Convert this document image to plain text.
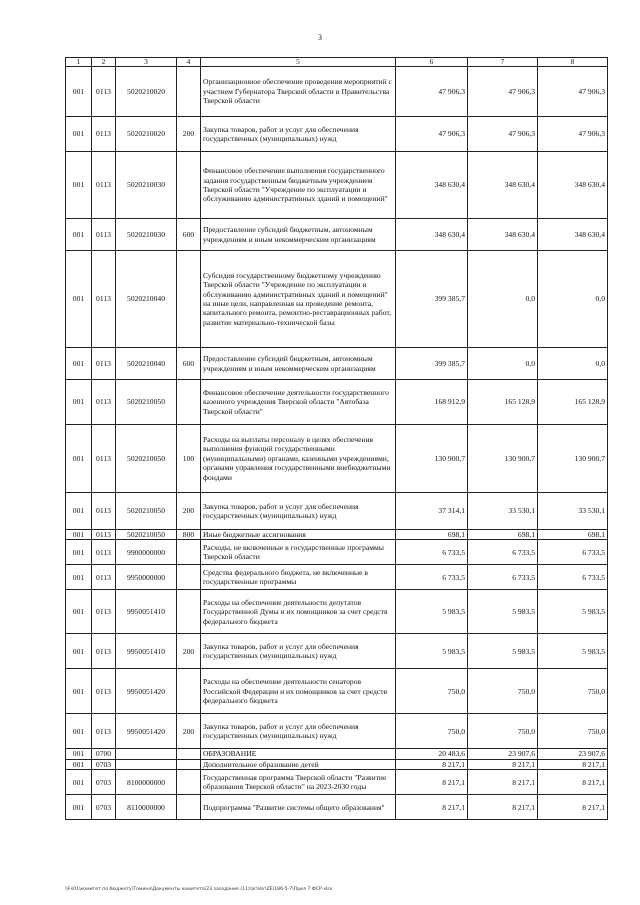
3
1	2	3	4	5	6	7	8
001	0113	5020210020		Организационное обеспечение проведения мероприятий с участием Губернатора Тверской области и Правительства Тверской области	47 906,3	47 906,3	47 906,3
001	0113	5020210020	200	Закупка товаров, работ и услуг для обеспечения государственных (муниципальных) нужд	47 906,3	47 906,3	47 906,3
001	0113	5020210030		Финансовое обеспечение выполнения государственного задания государственным бюджетным учреждением Тверской области "Учреждение по эксплуатации и обслуживанию административных зданий и помещений"	348 630,4	348 630,4	348 630,4
001	0113	5020210030	600	Предоставление субсидий бюджетным, автономным учреждениям и иным некоммерческим организациям	348 630,4	348 630,4	348 630,4
001	0113	5020210040		Субсидия государственному бюджетному учреждению Тверской области "Учреждение по эксплуатации и обслуживанию административных зданий и помещений" на иные цели, направленная на проведение ремонта, капитального ремонта, ремонтно-реставрационных работ, развитие материально-технической базы	399 385,7	0,0	0,0
001	0113	5020210040	600	Предоставление субсидий бюджетным, автономным учреждениям и иным некоммерческим организациям	399 385,7	0,0	0,0
001	0113	5020210050		Финансовое обеспечение деятельности государственного казенного учреждения Тверской области "Автобаза Тверской области"	168 912,9	165 128,9	165 128,9
001	0113	5020210050	100	Расходы на выплаты персоналу в целях обеспечения выполнения функций государственными (муниципальными) органами, казенными учреждениями, органами управления государственными внебюджетными фондами	130 900,7	130 900,7	130 900,7
001	0113	5020210050	200	Закупка товаров, работ и услуг для обеспечения государственных (муниципальных) нужд	37 314,1	33 530,1	33 530,1
001	0113	5020210050	800	Иные бюджетные ассигнования	698,1	698,1	698,1
001	0113	9900000000		Расходы, не включенные в государственные программы Тверской области	6 733,5	6 733,5	6 733,5
001	0113	9950000000		Средства федерального бюджета, не включенные в государственные программы	6 733,5	6 733,5	6 733,5
001	0113	9950051410		Расходы на обеспечение деятельности депутатов Государственной Думы и их помощников за счет средств федерального бюджета	5 983,5	5 983,5	5 983,5
001	0113	9950051410	200	Закупка товаров, работ и услуг для обеспечения государственных (муниципальных) нужд	5 983,5	5 983,5	5 983,5
001	0113	9950051420		Расходы на обеспечение деятельности сенаторов Российской Федерации и их помощников за счет средств федерального бюджета	750,0	750,0	750,0
001	0113	9950051420	200	Закупка товаров, работ и услуг для обеспечения государственных (муниципальных) нужд	750,0	750,0	750,0
001	0700			ОБРАЗОВАНИЕ	20 483,6	23 907,6	23 907,6
001	0703			Дополнительное образование детей	8 217,1	8 217,1	8 217,1
001	0703	8100000000		Государственная программа Тверской области "Развитие образования Тверской области" на 2023-2030 годы	8 217,1	8 217,1	8 217,1
001	0703	8110000000		Подпрограмма "Развитие системы общего образования"	8 217,1	8 217,1	8 217,1
\\Fs01\комитет по бюджету\Томина\Документы комитета\23 заседание (11)\ar\Vor\ZE\186-5-7\Прил 7 ФСР.xlsx
